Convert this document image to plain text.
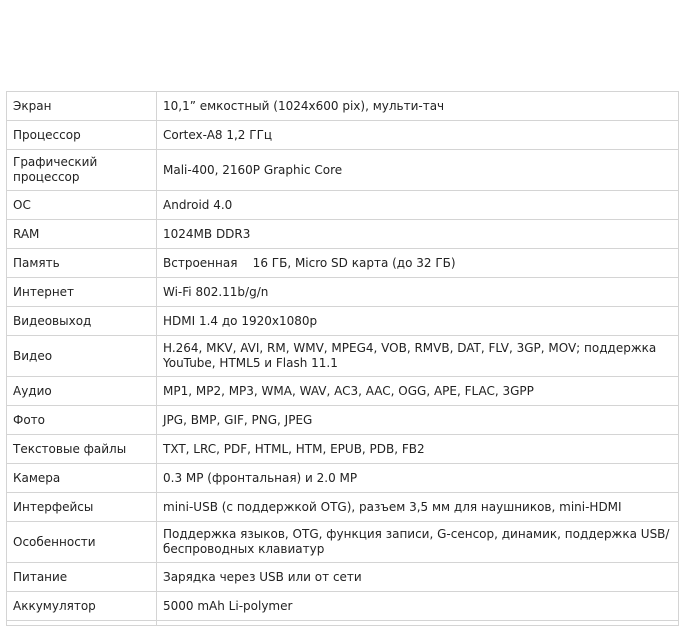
Экран	10,1” емкостный (1024х600 pix), мульти-тач
Процессор	Cortex-A8 1,2 ГГц
Графический процессор	Mali-400, 2160P Graphic Core
ОС	Android 4.0
RAM	1024MB DDR3
Память	Встроенная    16 ГБ, Micro SD карта (до 32 ГБ)
Интернет	Wi-Fi 802.11b/g/n
Видеовыход	HDMI 1.4 до 1920x1080p
Видео	H.264, MKV, AVI, RM, WMV, MPEG4, VOB, RMVB, DAT, FLV, 3GP, MOV; поддержка YouTube, HTML5 и Flash 11.1
Аудио	MP1, MP2, MP3, WMA, WAV, AC3, AAC, OGG, APE, FLAC, 3GPP
Фото	JPG, BMP, GIF, PNG, JPEG
Текстовые файлы	TXT, LRC, PDF, HTML, HTM, EPUB, PDB, FB2
Камера	0.3 MP (фронтальная) и 2.0 MP
Интерфейсы	mini-USB (с поддержкой OTG), разъем 3,5 мм для наушников, mini-HDMI
Особенности	Поддержка языков, OTG, функция записи, G-сенсор, динамик, поддержка USB/беспроводных клавиатур
Питание	Зарядка через USB или от сети
Аккумулятор	5000 mAh Li-polymer
